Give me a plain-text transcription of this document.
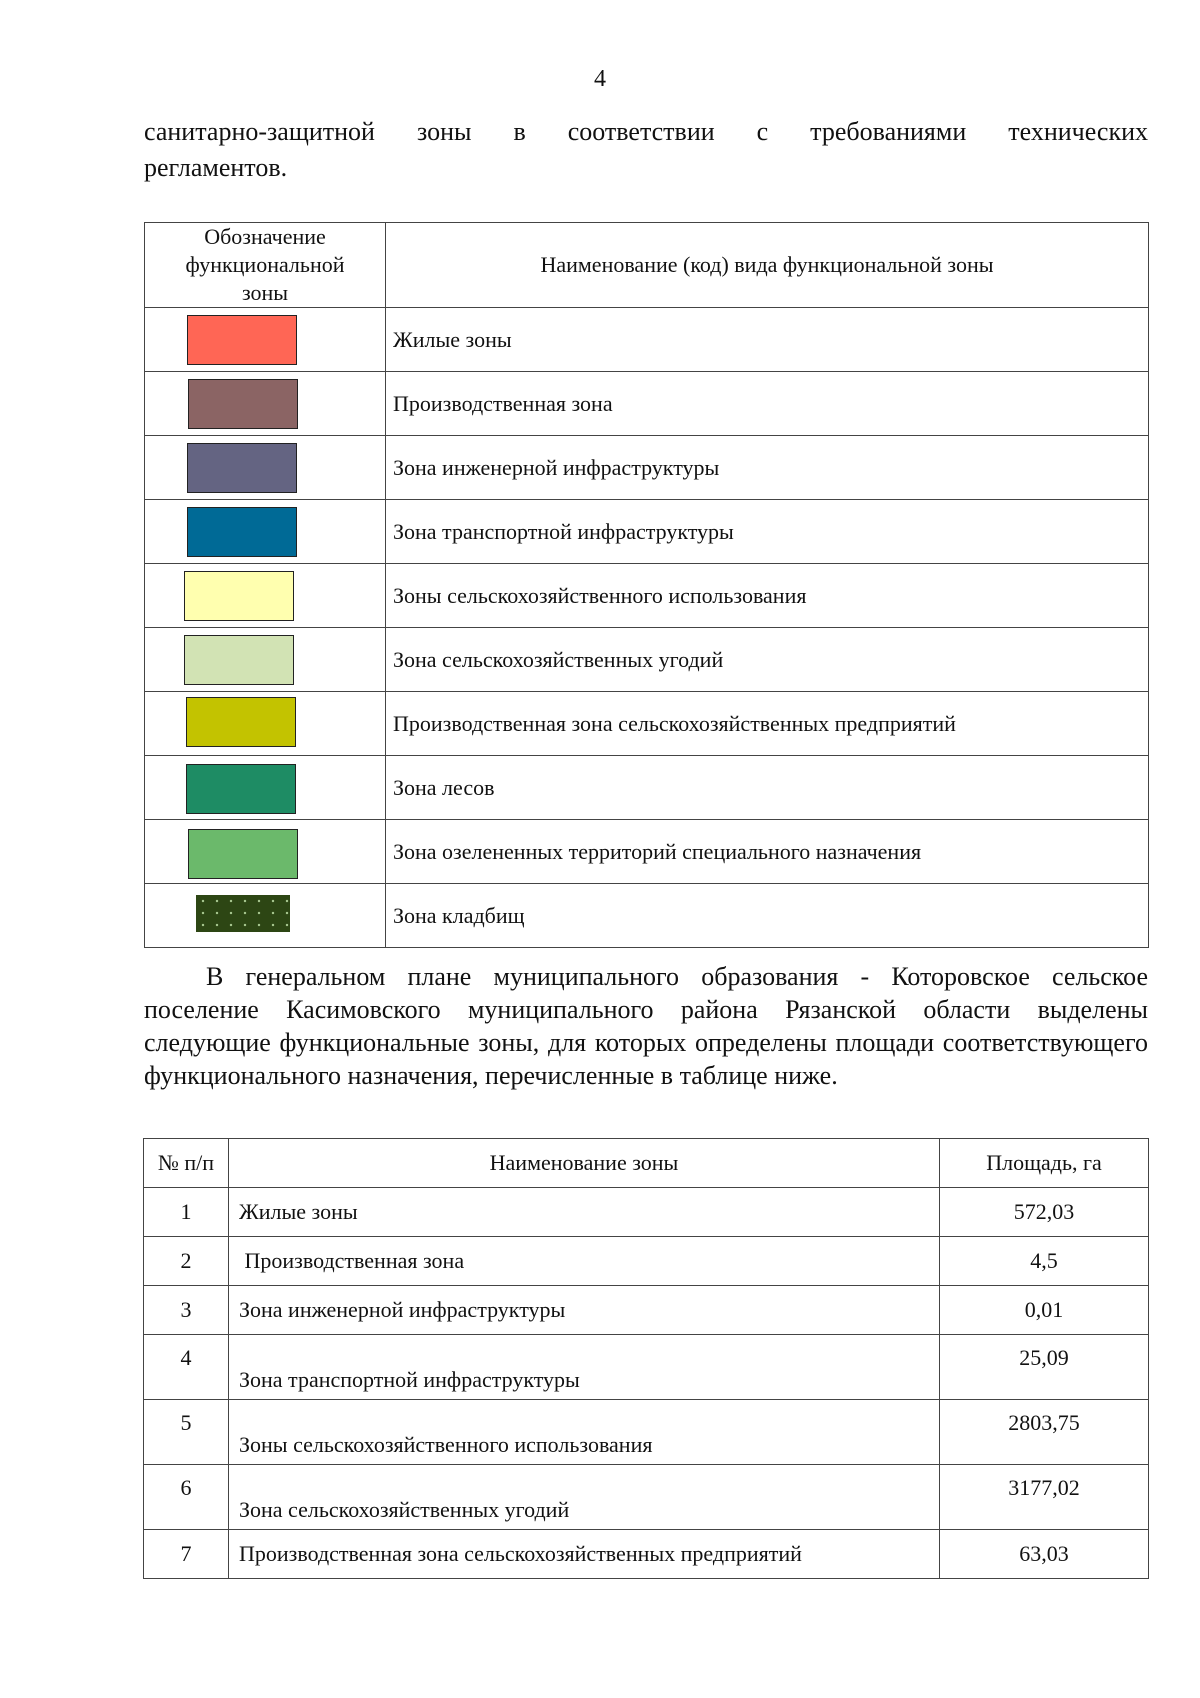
4
санитарно-защитной зоны в соответствии с требованиями технических
регламентов.
Обозначение функциональной зоны	Наименование (код) вида функциональной зоны

	Жилые зоны

	Производственная зона

	Зона инженерной инфраструктуры

	Зона транспортной инфраструктуры

	Зоны сельскохозяйственного использования

	Зона сельскохозяйственных угодий

	Производственная зона сельскохозяйственных предприятий

	Зона лесов

	Зона озелененных территорий специального назначения

	Зона кладбищ
В генеральном плане муниципального образования - Которовское сельское поселение Касимовского муниципального района Рязанской области выделены следующие функциональные зоны, для которых определены площади соответствующего функционального назначения, перечисленные в таблице ниже.
№ п/п	Наименование зоны	Площадь, га
1	Жилые зоны	572,03
2	Производственная зона	4,5
3	Зона инженерной инфраструктуры	0,01
4	Зона транспортной инфраструктуры	25,09
5	Зоны сельскохозяйственного использования	2803,75
6	Зона сельскохозяйственных угодий	3177,02
7	Производственная зона сельскохозяйственных предприятий	63,03
